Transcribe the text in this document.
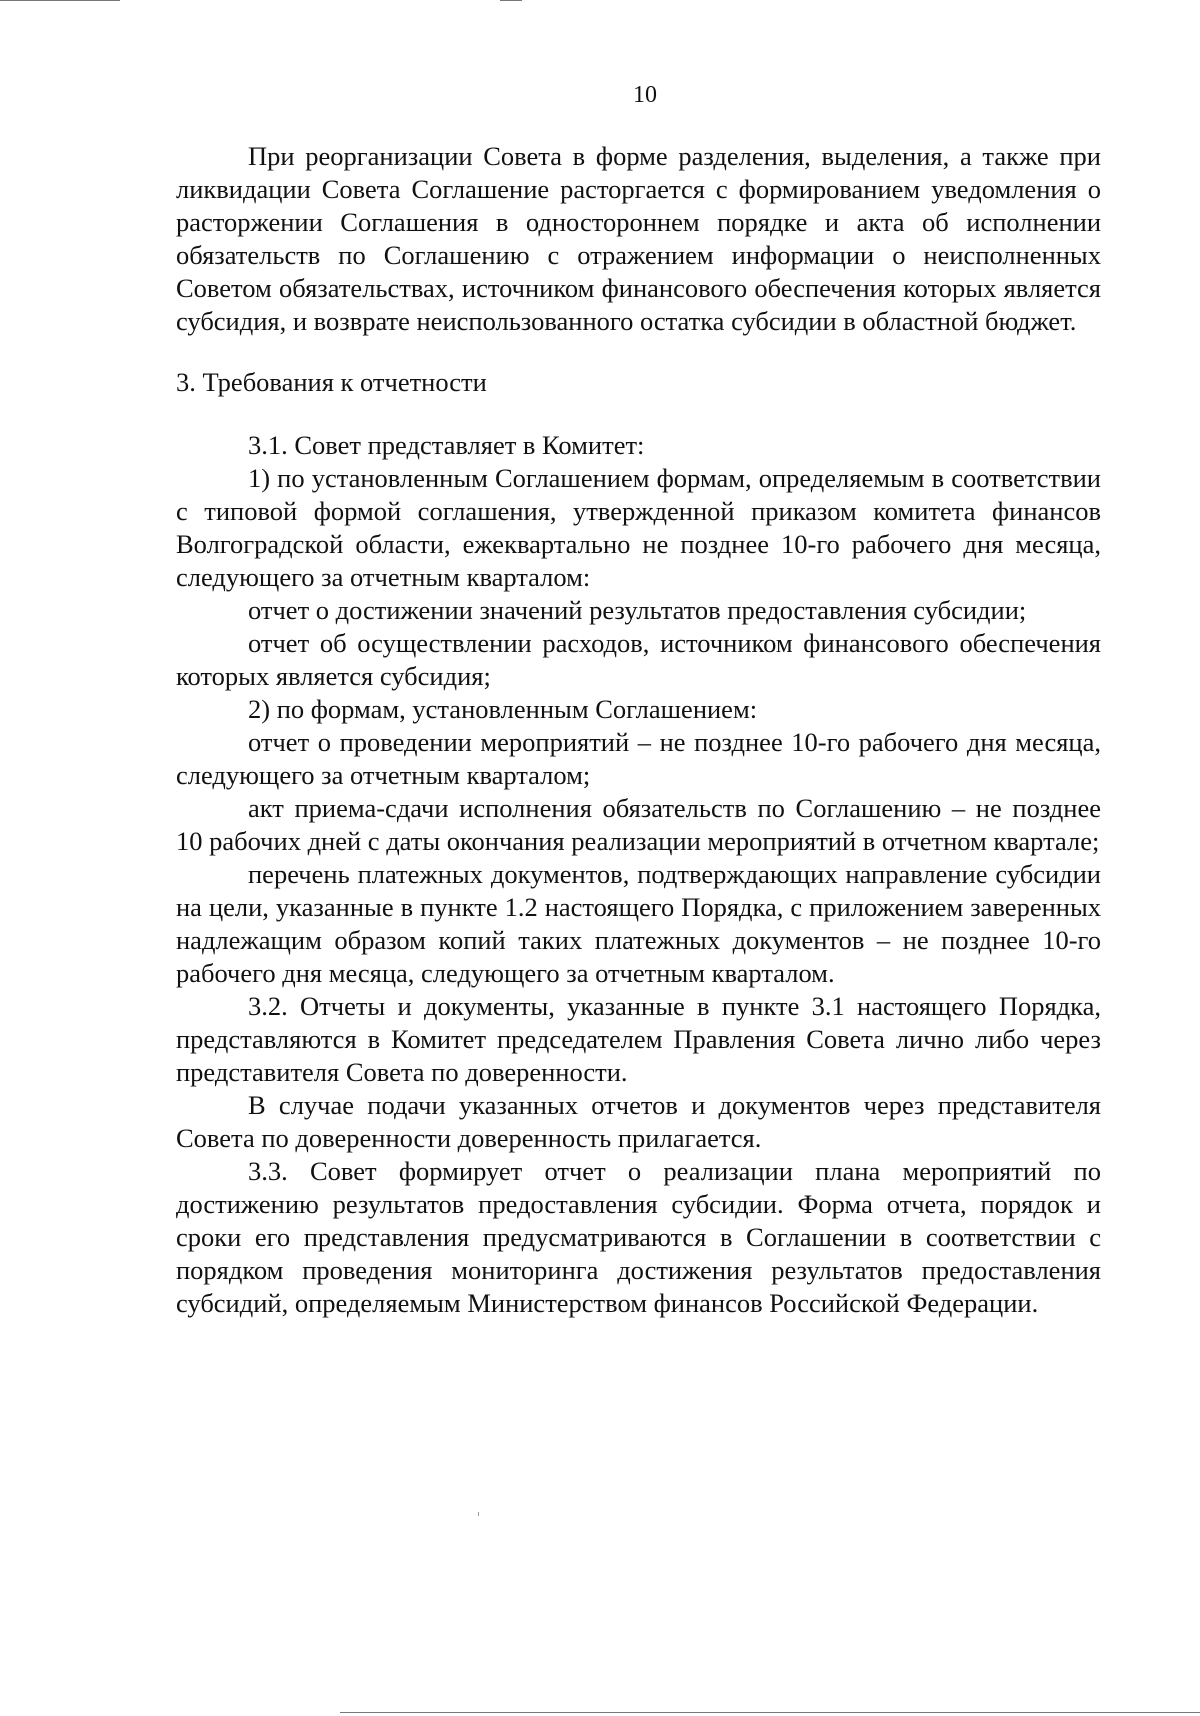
10

При реорганизации Совета в форме разделения, выделения, а также при ликвидации Совета Соглашение расторгается с формированием уведомления о расторжении Соглашения в одностороннем порядке и акта об исполнении обязательств по Соглашению с отражением информации о неисполненных Советом обязательствах, источником финансового обеспечения которых является субсидия, и возврате неиспользованного остатка субсидии в областной бюджет.

3. Требования к отчетности

3.1. Совет представляет в Комитет:

1) по установленным Соглашением формам, определяемым в соответствии с типовой формой соглашения, утвержденной приказом комитета финансов Волгоградской области, ежеквартально не позднее 10-го рабочего дня месяца, следующего за отчетным кварталом:

отчет о достижении значений результатов предоставления субсидии;

отчет об осуществлении расходов, источником финансового обеспечения которых является субсидия;

2) по формам, установленным Соглашением:

отчет о проведении мероприятий – не позднее 10-го рабочего дня месяца, следующего за отчетным кварталом;

акт приема-сдачи исполнения обязательств по Соглашению – не позднее 10 рабочих дней с даты окончания реализации мероприятий в отчетном квартале;

перечень платежных документов, подтверждающих направление субсидии на цели, указанные в пункте 1.2 настоящего Порядка, с приложением заверенных надлежащим образом копий таких платежных документов – не позднее 10-го рабочего дня месяца, следующего за отчетным кварталом.

3.2. Отчеты и документы, указанные в пункте 3.1 настоящего Порядка, представляются в Комитет председателем Правления Совета лично либо через представителя Совета по доверенности.

В случае подачи указанных отчетов и документов через представителя Совета по доверенности доверенность прилагается.

3.3. Совет формирует отчет о реализации плана мероприятий по достижению результатов предоставления субсидии. Форма отчета, порядок и сроки его представления предусматриваются в Соглашении в соответствии с порядком проведения мониторинга достижения результатов предоставления субсидий, определяемым Министерством финансов Российской Федерации.
